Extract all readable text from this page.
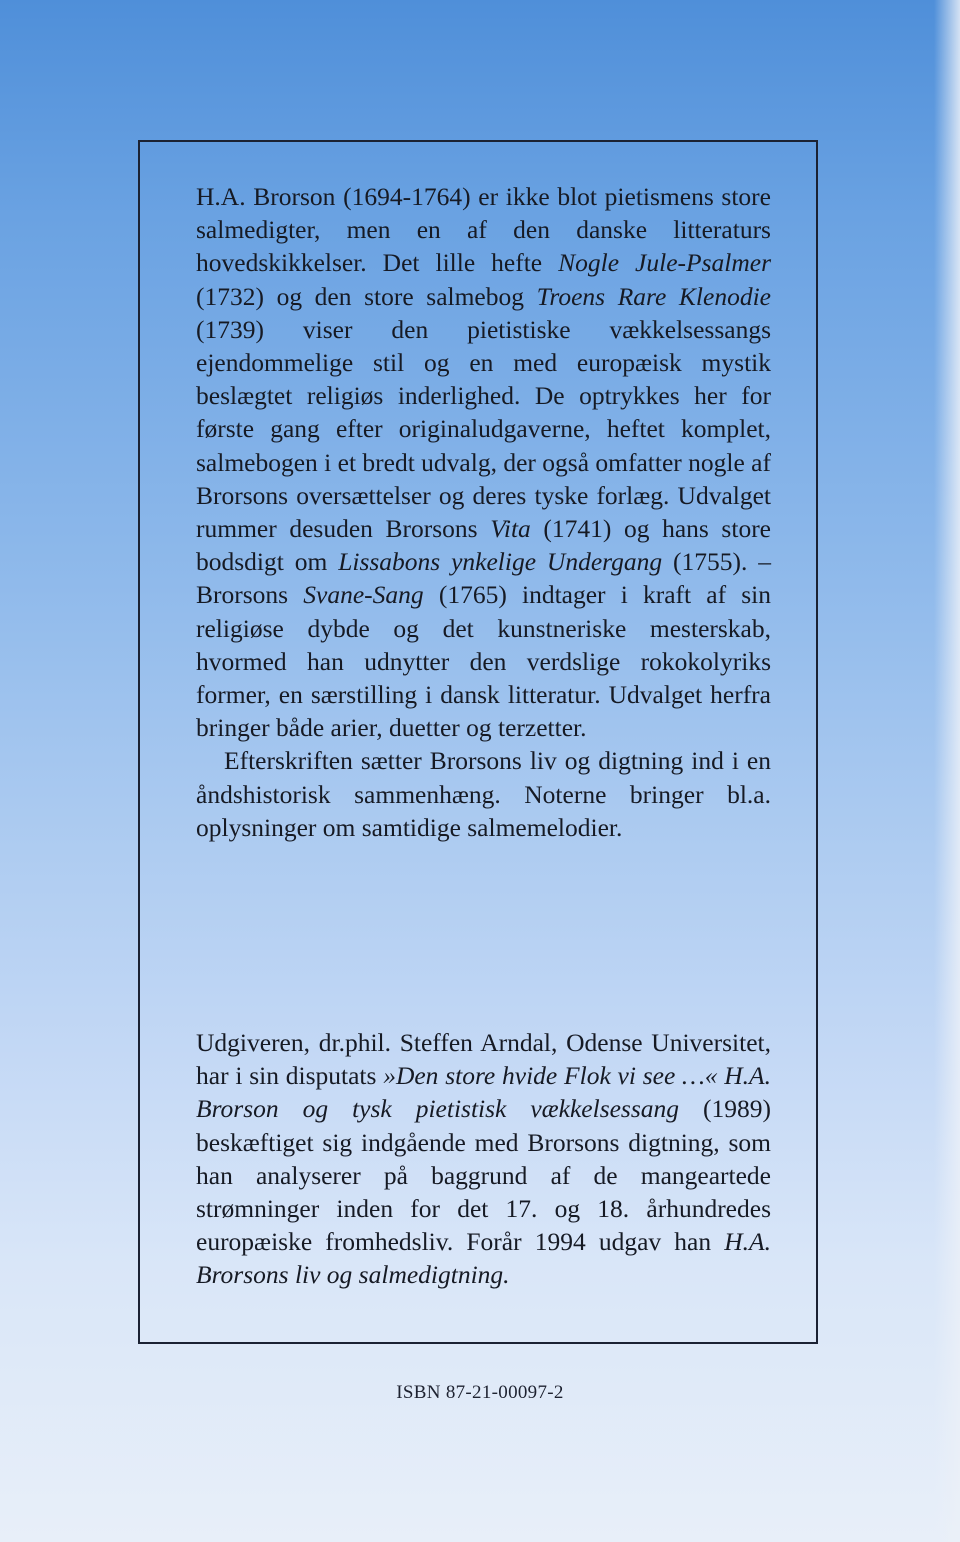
H.A. Brorson (1694-1764) er ikke blot pietismens store salmedigter, men en af den danske litteraturs hovedskikkelser. Det lille hefte Nogle Jule-Psalmer (1732) og den store salmebog Troens Rare Klenodie (1739) viser den pietistiske vækkelsessangs ejendommelige stil og en med europæisk mystik beslægtet religiøs inderlighed. De optrykkes her for første gang efter originaludgaverne, heftet komplet, salmebogen i et bredt udvalg, der også omfatter nogle af Brorsons oversættelser og deres tyske forlæg. Udvalget rummer desuden Brorsons Vita (1741) og hans store bodsdigt om Lissabons ynkelige Undergang (1755). – Brorsons Svane-Sang (1765) indtager i kraft af sin religiøse dybde og det kunstneriske mesterskab, hvormed han udnytter den verdslige rokokolyriks former, en særstilling i dansk litteratur. Udvalget herfra bringer både arier, duetter og terzetter.

Efterskriften sætter Brorsons liv og digtning ind i en åndshistorisk sammenhæng. Noterne bringer bl.a. oplysninger om samtidige salmemelodier.

Udgiveren, dr.phil. Steffen Arndal, Odense Universitet, har i sin disputats »Den store hvide Flok vi see …« H.A. Brorson og tysk pietistisk vækkelsessang (1989) beskæftiget sig indgående med Brorsons digtning, som han analyserer på baggrund af de mangeartede strømninger inden for det 17. og 18. århundredes europæiske fromhedsliv. Forår 1994 udgav han H.A. Brorsons liv og salmedigtning.

ISBN 87-21-00097-2
